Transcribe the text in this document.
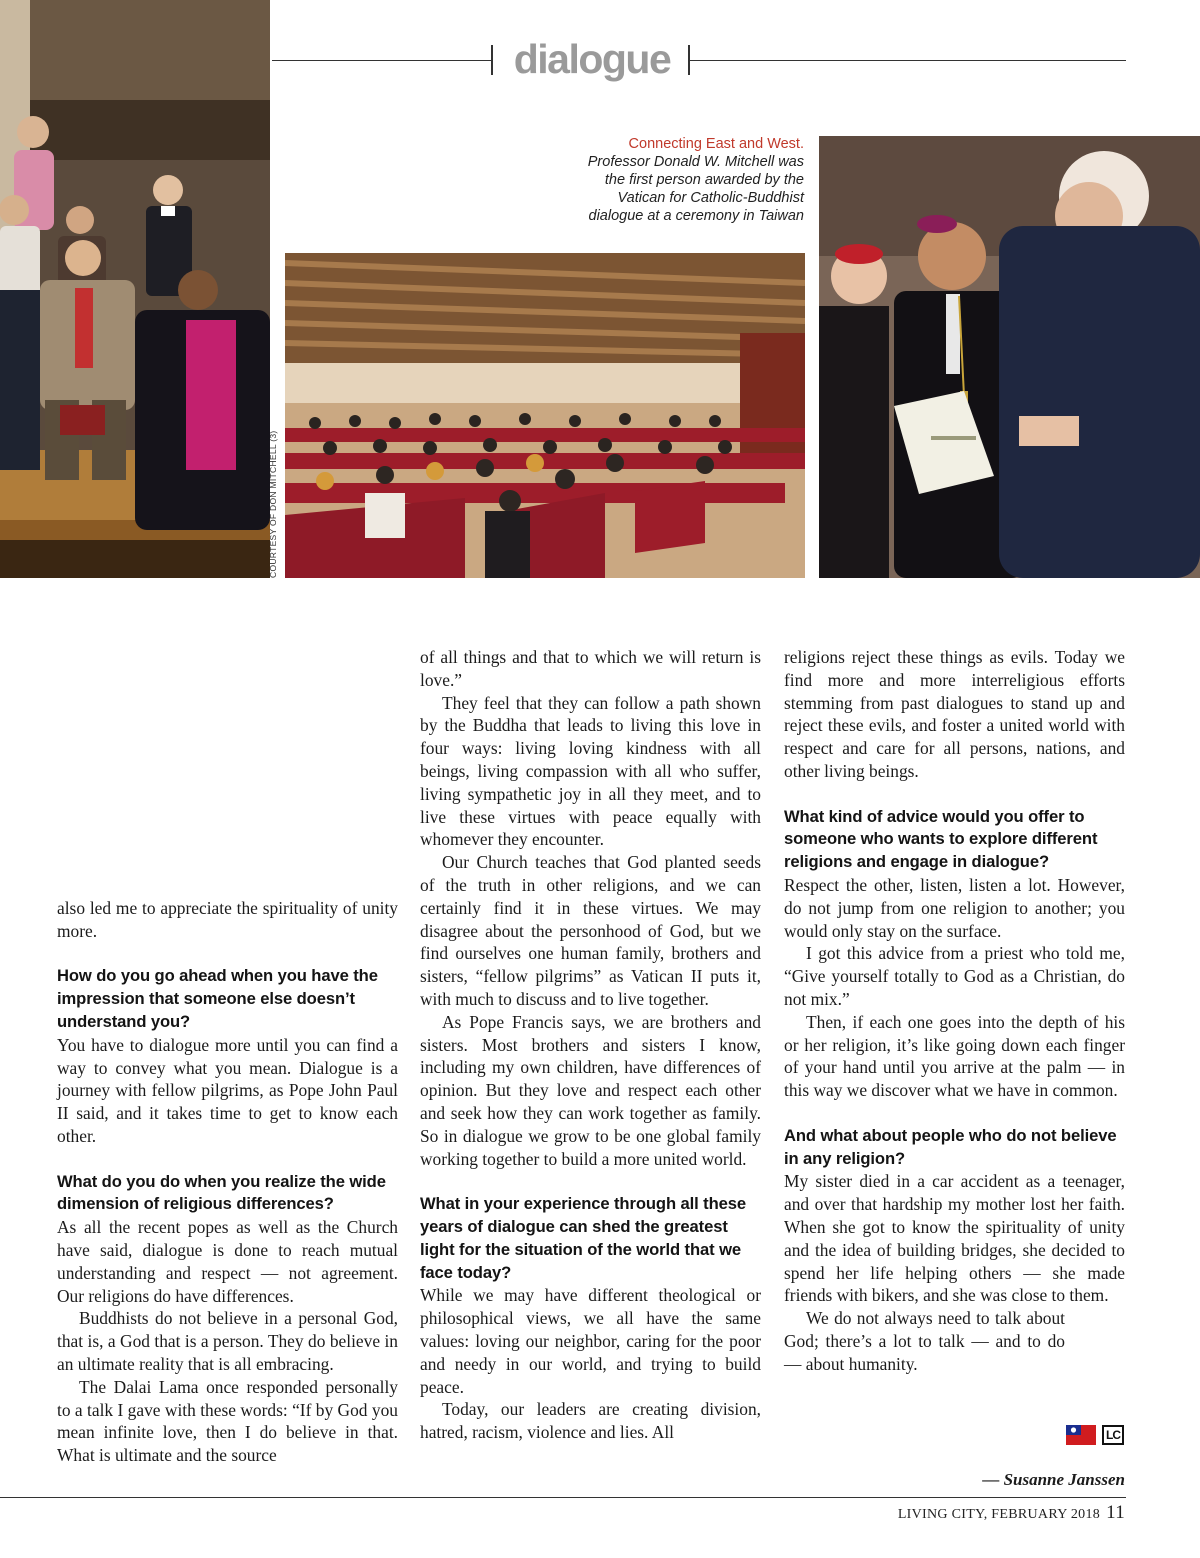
dialogue
Connecting East and West.
Professor Donald W. Mitchell was the first person awarded by the Vatican for Catholic-Buddhist dialogue at a ceremony in Taiwan
COURTESY OF DON MITCHELL (3)

also led me to appreciate the spirituality of unity more.

How do you go ahead when you have the impression that someone else doesn’t understand you?

You have to dialogue more until you can find a way to convey what you mean. Dialogue is a journey with fellow pilgrims, as Pope John Paul II said, and it takes time to get to know each other.

What do you do when you realize the wide dimension of religious differences?

As all the recent popes as well as the Church have said, dialogue is done to reach mutual understanding and respect — not agreement. Our religions do have differences.

Buddhists do not believe in a personal God, that is, a God that is a person. They do believe in an ultimate reality that is all embracing.

The Dalai Lama once responded personally to a talk I gave with these words: “If by God you mean infinite love, then I do believe in that. What is ultimate and the source

of all things and that to which we will return is love.”

They feel that they can follow a path shown by the Buddha that leads to living this love in four ways: living loving kindness with all beings, living compassion with all who suffer, living sympathetic joy in all they meet, and to live these virtues with peace equally with whomever they encounter.

Our Church teaches that God planted seeds of the truth in other religions, and we can certainly find it in these virtues. We may disagree about the personhood of God, but we find ourselves one human family, brothers and sisters, “fellow pilgrims” as Vatican II puts it, with much to discuss and to live together.

As Pope Francis says, we are brothers and sisters. Most brothers and sisters I know, including my own children, have differences of opinion. But they love and respect each other and seek how they can work together as family. So in dialogue we grow to be one global family working together to build a more united world.

What in your experience through all these years of dialogue can shed the greatest light for the situation of the world that we face today?

While we may have different theological or philosophical views, we all have the same values: loving our neighbor, caring for the poor and needy in our world, and trying to build peace.

Today, our leaders are creating division, hatred, racism, violence and lies. All

religions reject these things as evils. Today we find more and more interreligious efforts stemming from past dialogues to stand up and reject these evils, and foster a united world with respect and care for all persons, nations, and other living beings.

What kind of advice would you offer to someone who wants to explore different religions and engage in dialogue?

Respect the other, listen, listen a lot. However, do not jump from one religion to another; you would only stay on the surface.

I got this advice from a priest who told me, “Give yourself totally to God as a Christian, do not mix.”

Then, if each one goes into the depth of his or her religion, it’s like going down each finger of your hand until you arrive at the palm — in this way we discover what we have in common.

And what about people who do not believe in any religion?

My sister died in a car accident as a teenager, and over that hardship my mother lost her faith. When she got to know the spirituality of unity and the idea of building bridges, she decided to spend her life helping others — she made friends with bikers, and she was close to them.

We do not always need to talk about God; there’s a lot to talk — and to do — about humanity.

LC
— Susanne Janssen
LIVING CITY, FEBRUARY 2018 11
